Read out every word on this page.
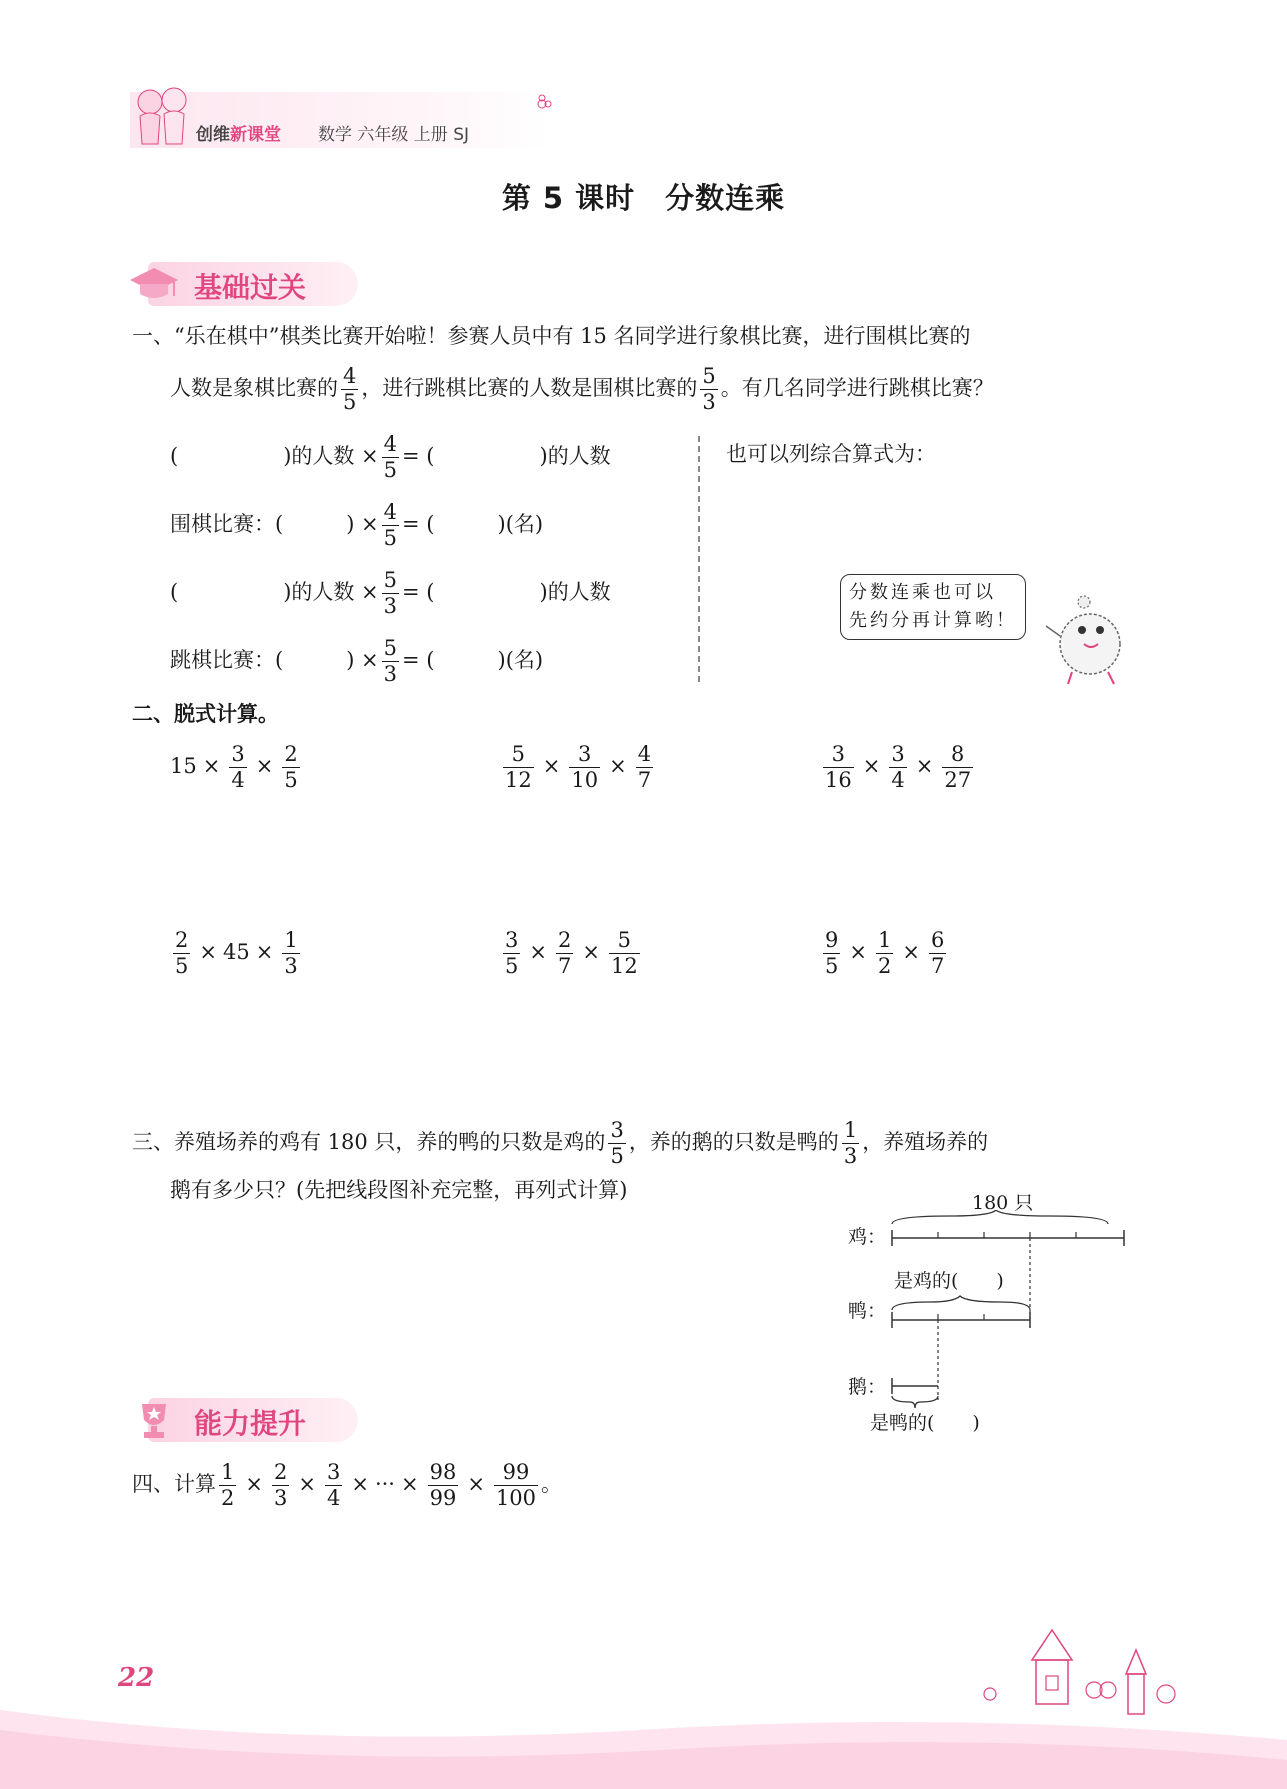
创维新课堂 数学 六年级 上册 SJ
第 5 课时　分数连乘
基础过关
一、“乐在棋中”棋类比赛开始啦！参赛人员中有 15 名同学进行象棋比赛，进行围棋比赛的
人数是象棋比赛的 $\frac{4}{5}$ ，进行跳棋比赛的人数是围棋比赛的 $\frac{5}{3}$ 。有几名同学进行跳棋比赛？
(　　　　　)的人数 × $\frac{4}{5}$ = (　　　　　)的人数
围棋比赛：(　　　) × $\frac{4}{5}$ = (　　　)(名)
(　　　　　)的人数 × $\frac{5}{3}$ = (　　　　　)的人数
跳棋比赛：(　　　) × $\frac{5}{3}$ = (　　　)(名)
也可以列综合算式为：
分数连乘也可以
先约分再计算哟！
二、脱式计算。
$15 \times \frac{3}{4} \times \frac{2}{5}$	$\frac{5}{12} \times \frac{3}{10} \times \frac{4}{7}$	$\frac{3}{16} \times \frac{3}{4} \times \frac{8}{27}$
$\frac{2}{5} \times 45 \times \frac{1}{3}$	$\frac{3}{5} \times \frac{2}{7} \times \frac{5}{12}$	$\frac{9}{5} \times \frac{1}{2} \times \frac{6}{7}$
三、养殖场养的鸡有 180 只，养的鸭的只数是鸡的 $\frac{3}{5}$ ，养的鹅的只数是鸭的 $\frac{1}{3}$ ，养殖场养的
鹅有多少只？(先把线段图补充完整，再列式计算)
180 只
鸡：
鸭：
鹅：
是鸡的(　　)
是鸭的(　　)
能力提升
四、计算 $\frac{1}{2} \times \frac{2}{3} \times \frac{3}{4}$ × ··· × $\frac{98}{99} \times \frac{99}{100}$ 。
22
